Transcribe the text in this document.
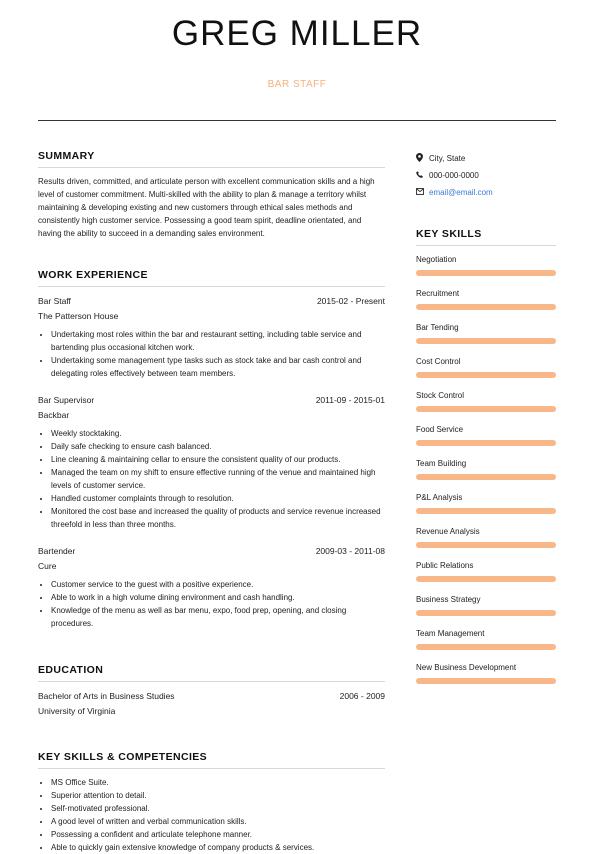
GREG MILLER
BAR STAFF
SUMMARY

Results driven, committed, and articulate person with excellent communication skills and a high level of customer commitment. Multi-skilled with the ability to plan & manage a territory whilst maintaining & developing existing and new customers through ethical sales methods and consistently high customer service. Possessing a good team spirit, deadline orientated, and having the ability to succeed in a demanding sales environment.

WORK EXPERIENCE
Bar Staff	2015-02 - Present
The Patterson House
• Undertaking most roles within the bar and restaurant setting, including table service and bartending plus occasional kitchen work.
• Undertaking some management type tasks such as stock take and bar cash control and delegating roles effectively between team members.
Bar Supervisor	2011-09 - 2015-01
Backbar
• Weekly stocktaking.
• Daily safe checking to ensure cash balanced.
• Line cleaning & maintaining cellar to ensure the consistent quality of our products.
• Managed the team on my shift to ensure effective running of the venue and maintained high levels of customer service.
• Handled customer complaints through to resolution.
• Monitored the cost base and increased the quality of products and service revenue increased threefold in less than three months.
Bartender	2009-03 - 2011-08
Cure
• Customer service to the guest with a positive experience.
• Able to work in a high volume dining environment and cash handling.
• Knowledge of the menu as well as bar menu, expo, food prep, opening, and closing procedures.
EDUCATION
Bachelor of Arts in Business Studies	2006 - 2009
University of Virginia
KEY SKILLS & COMPETENCIES
• MS Office Suite.
• Superior attention to detail.
• Self-motivated professional.
• A good level of written and verbal communication skills.
• Possessing a confident and articulate telephone manner.
• Able to quickly gain extensive knowledge of company products & services.
City, State
000-000-0000
email@email.com
KEY SKILLS
Negotiation
Recruitment
Bar Tending
Cost Control
Stock Control
Food Service
Team Building
P&L Analysis
Revenue Analysis
Public Relations
Business Strategy
Team Management
New Business Development
